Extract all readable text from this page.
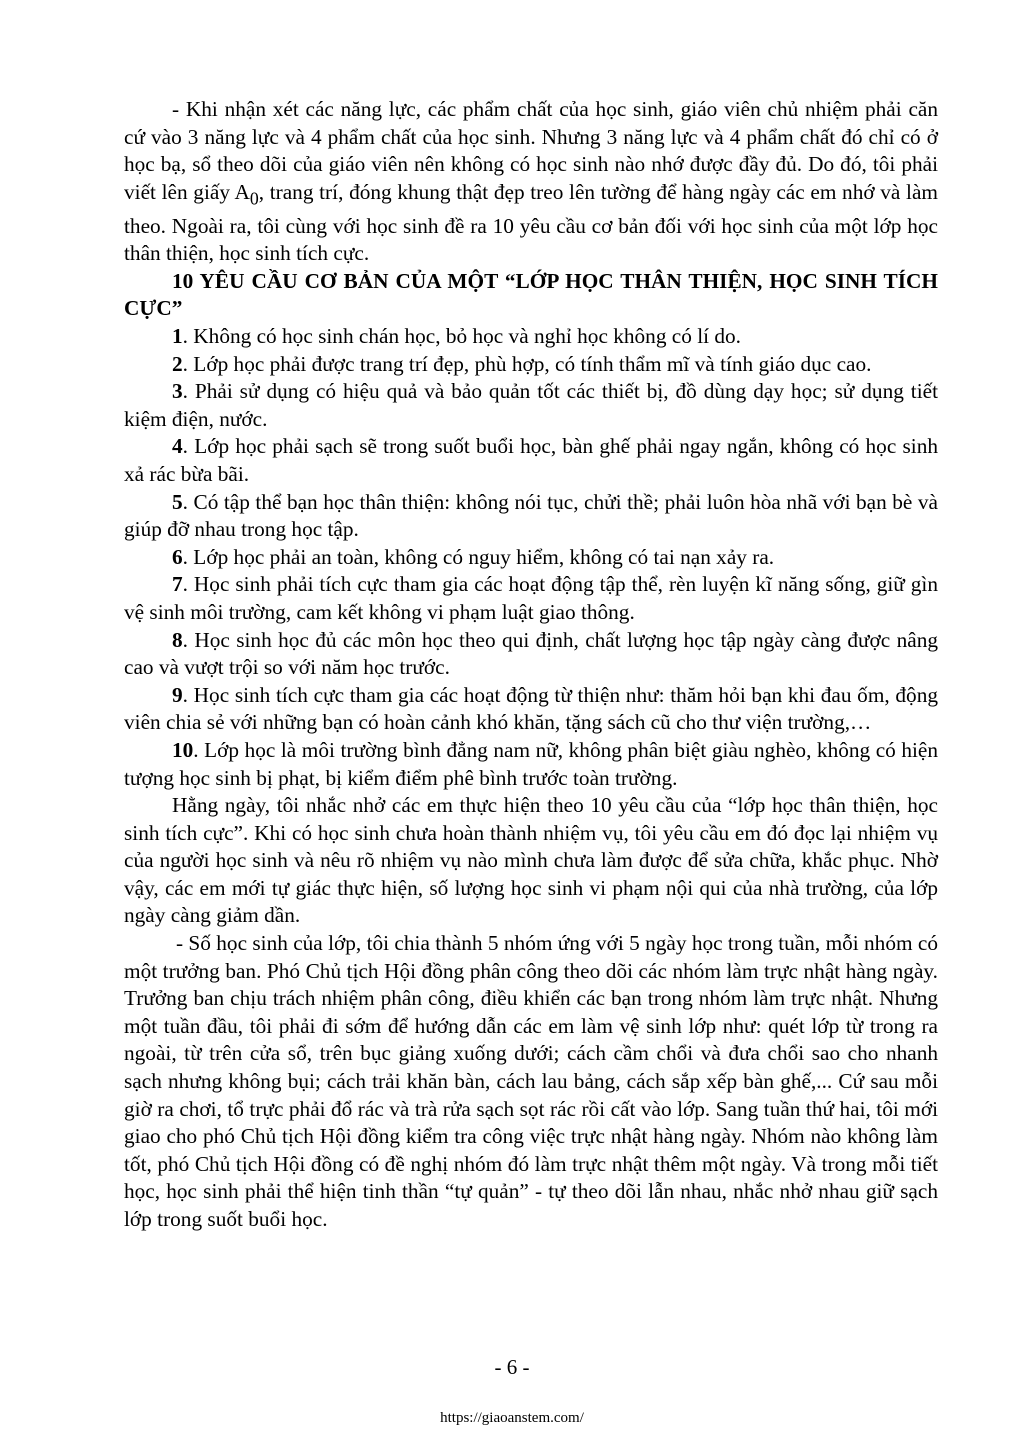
- Khi nhận xét các năng lực, các phẩm chất của học sinh, giáo viên chủ nhiệm phải căn cứ vào 3 năng lực và 4 phẩm chất của học sinh. Nhưng 3 năng lực và 4 phẩm chất đó chỉ có ở học bạ, sổ theo dõi của giáo viên nên không có học sinh nào nhớ được đầy đủ. Do đó, tôi phải viết lên giấy $A_0$, trang trí, đóng khung thật đẹp treo lên tường để hàng ngày các em nhớ và làm theo. Ngoài ra, tôi cùng với học sinh đề ra 10 yêu cầu cơ bản đối với học sinh của một lớp học thân thiện, học sinh tích cực.

10 YÊU CẦU CƠ BẢN CỦA MỘT “LỚP HỌC THÂN THIỆN, HỌC SINH TÍCH CỰC”

1. Không có học sinh chán học, bỏ học và nghỉ học không có lí do.

2. Lớp học phải được trang trí đẹp, phù hợp, có tính thẩm mĩ và tính giáo dục cao.

3. Phải sử dụng có hiệu quả và bảo quản tốt các thiết bị, đồ dùng dạy học; sử dụng tiết kiệm điện, nước.

4. Lớp học phải sạch sẽ trong suốt buổi học, bàn ghế phải ngay ngắn, không có học sinh xả rác bừa bãi.

5. Có tập thể bạn học thân thiện: không nói tục, chửi thề; phải luôn hòa nhã với bạn bè và giúp đỡ nhau trong học tập.

6. Lớp học phải an toàn, không có nguy hiểm, không có tai nạn xảy ra.

7. Học sinh phải tích cực tham gia các hoạt động tập thể, rèn luyện kĩ năng sống, giữ gìn vệ sinh môi trường, cam kết không vi phạm luật giao thông.

8. Học sinh học đủ các môn học theo qui định, chất lượng học tập ngày càng được nâng cao và vượt trội so với năm học trước.

9. Học sinh tích cực tham gia các hoạt động từ thiện như: thăm hỏi bạn khi đau ốm, động viên chia sẻ với những bạn có hoàn cảnh khó khăn, tặng sách cũ cho thư viện trường,…

10. Lớp học là môi trường bình đẳng nam nữ, không phân biệt giàu nghèo, không có hiện tượng học sinh bị phạt, bị kiểm điểm phê bình trước toàn trường.

Hằng ngày, tôi nhắc nhở các em thực hiện theo 10 yêu cầu của “lớp học thân thiện, học sinh tích cực”. Khi có học sinh chưa hoàn thành nhiệm vụ, tôi yêu cầu em đó đọc lại nhiệm vụ của người học sinh và nêu rõ nhiệm vụ nào mình chưa làm được để sửa chữa, khắc phục. Nhờ vậy, các em mới tự giác thực hiện, số lượng học sinh vi phạm nội qui của nhà trường, của lớp ngày càng giảm dần.

- Số học sinh của lớp, tôi chia thành 5 nhóm ứng với 5 ngày học trong tuần, mỗi nhóm có một trưởng ban. Phó Chủ tịch Hội đồng phân công theo dõi các nhóm làm trực nhật hàng ngày. Trưởng ban chịu trách nhiệm phân công, điều khiển các bạn trong nhóm làm trực nhật. Nhưng một tuần đầu, tôi phải đi sớm để hướng dẫn các em làm vệ sinh lớp như: quét lớp từ trong ra ngoài, từ trên cửa sổ, trên bục giảng xuống dưới; cách cầm chổi và đưa chổi sao cho nhanh sạch nhưng không bụi; cách trải khăn bàn, cách lau bảng, cách sắp xếp bàn ghế,... Cứ sau mỗi giờ ra chơi, tổ trực phải đổ rác và trà rửa sạch sọt rác rồi cất vào lớp. Sang tuần thứ hai, tôi mới giao cho phó Chủ tịch Hội đồng kiểm tra công việc trực nhật hàng ngày. Nhóm nào không làm tốt, phó Chủ tịch Hội đồng có đề nghị nhóm đó làm trực nhật thêm một ngày. Và trong mỗi tiết học, học sinh phải thể hiện tinh thần “tự quản” - tự theo dõi lẫn nhau, nhắc nhở nhau giữ sạch lớp trong suốt buổi học.

- 6 -
https://giaoanstem.com/
